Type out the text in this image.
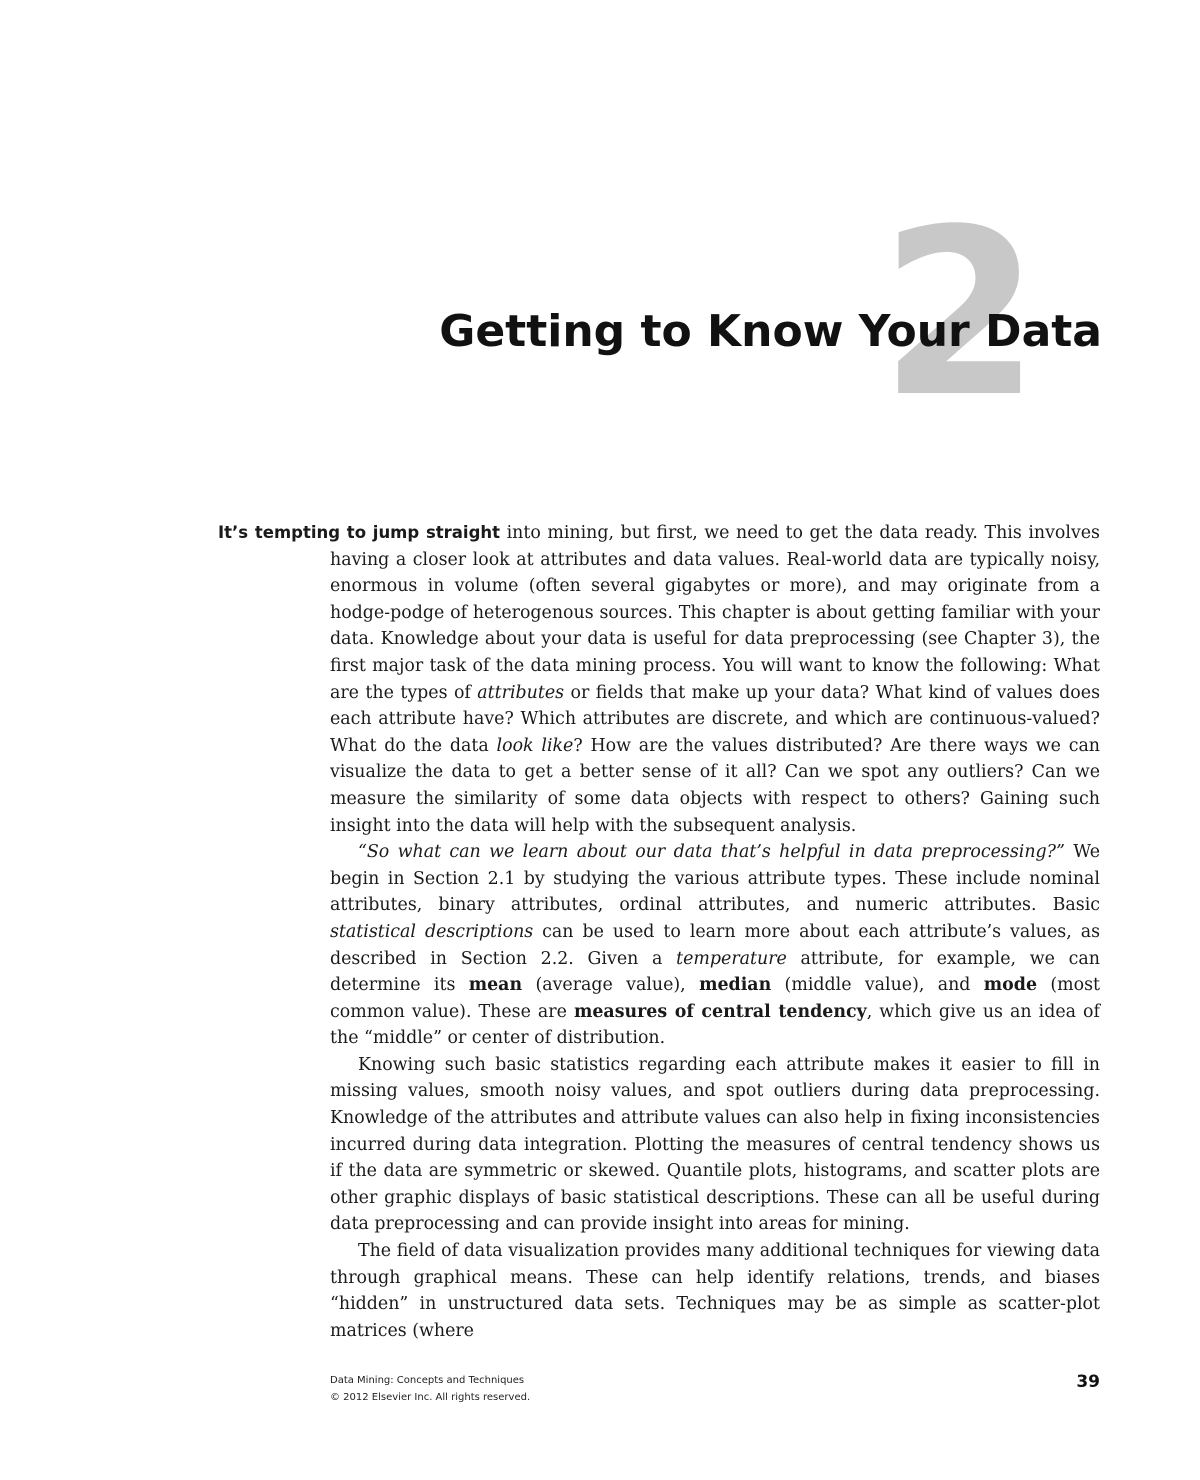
2
Getting to Know Your Data

It’s tempting to jump straight into mining, but first, we need to get the data ready. This involves having a closer look at attributes and data values. Real-world data are typically noisy, enormous in volume (often several gigabytes or more), and may originate from a hodge-podge of heterogenous sources. This chapter is about getting familiar with your data. Knowledge about your data is useful for data preprocessing (see Chapter 3), the first major task of the data mining process. You will want to know the following: What are the types of attributes or fields that make up your data? What kind of values does each attribute have? Which attributes are discrete, and which are continuous-valued? What do the data look like? How are the values distributed? Are there ways we can visualize the data to get a better sense of it all? Can we spot any outliers? Can we measure the similarity of some data objects with respect to others? Gaining such insight into the data will help with the subsequent analysis.

“So what can we learn about our data that’s helpful in data preprocessing?” We begin in Section 2.1 by studying the various attribute types. These include nominal attributes, binary attributes, ordinal attributes, and numeric attributes. Basic statistical descriptions can be used to learn more about each attribute’s values, as described in Section 2.2. Given a temperature attribute, for example, we can determine its mean (average value), median (middle value), and mode (most common value). These are measures of central tendency, which give us an idea of the “middle” or center of distribution.

Knowing such basic statistics regarding each attribute makes it easier to fill in missing values, smooth noisy values, and spot outliers during data preprocessing. Knowledge of the attributes and attribute values can also help in fixing inconsistencies incurred during data integration. Plotting the measures of central tendency shows us if the data are symmetric or skewed. Quantile plots, histograms, and scatter plots are other graphic displays of basic statistical descriptions. These can all be useful during data preprocessing and can provide insight into areas for mining.

The field of data visualization provides many additional techniques for viewing data through graphical means. These can help identify relations, trends, and biases “hidden” in unstructured data sets. Techniques may be as simple as scatter-plot matrices (where

Data Mining: Concepts and Techniques
© 2012 Elsevier Inc. All rights reserved.
39
